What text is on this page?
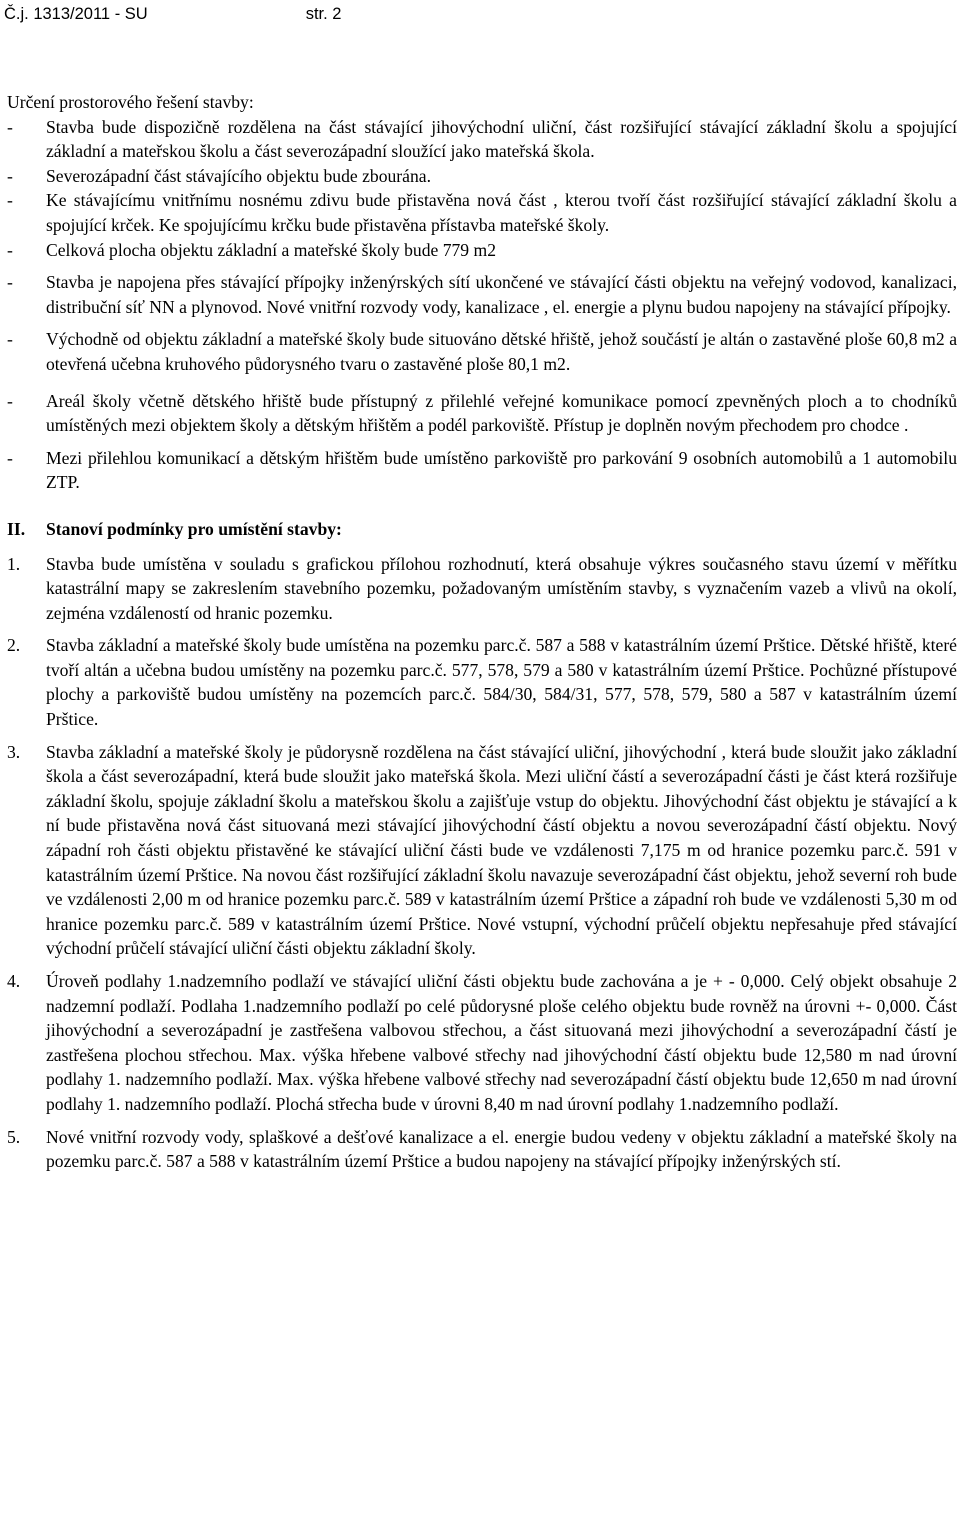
Č.j. 1313/2011 - SU	str. 2

Určení prostorového řešení stavby:

- Stavba bude dispozičně rozdělena na část stávající jihovýchodní uliční, část rozšiřující stávající základní školu a spojující základní a mateřskou školu a část severozápadní sloužící jako mateřská škola.
- Severozápadní část stávajícího objektu bude zbourána.
- Ke stávajícímu vnitřnímu nosnému zdivu bude přistavěna nová část , kterou tvoří část rozšiřující stávající základní školu a spojující krček. Ke spojujícímu krčku bude přistavěna přístavba mateřské školy.
- Celková plocha objektu základní a mateřské školy bude 779 m2
- Stavba je napojena přes stávající přípojky inženýrských sítí ukončené ve stávající části objektu na veřejný vodovod, kanalizaci, distribuční síť NN a plynovod. Nové vnitřní rozvody vody, kanalizace , el. energie a plynu budou napojeny na stávající přípojky.
- Východně od objektu základní a mateřské školy bude situováno dětské hřiště, jehož součástí je altán o zastavěné ploše 60,8 m2 a otevřená učebna kruhového půdorysného tvaru o zastavěné ploše 80,1 m2.
- Areál školy včetně dětského hřiště bude přístupný z přilehlé veřejné komunikace pomocí zpevněných ploch a to chodníků umístěných mezi objektem školy a dětským hřištěm a podél parkoviště. Přístup je doplněn novým přechodem pro chodce .
- Mezi přilehlou komunikací a dětským hřištěm bude umístěno parkoviště pro parkování 9 osobních automobilů a 1 automobilu ZTP.
II. Stanoví podmínky pro umístění stavby:
1. Stavba bude umístěna v souladu s grafickou přílohou rozhodnutí, která obsahuje výkres současného stavu území v měřítku katastrální mapy se zakreslením stavebního pozemku, požadovaným umístěním stavby, s vyznačením vazeb a vlivů na okolí, zejména vzdáleností od hranic pozemku.
2. Stavba základní a mateřské školy bude umístěna na pozemku parc.č. 587 a 588 v katastrálním území Prštice. Dětské hřiště, které tvoří altán a učebna budou umístěny na pozemku parc.č. 577, 578, 579 a 580 v katastrálním území Prštice. Pochůzné přístupové plochy a parkoviště budou umístěny na pozemcích parc.č. 584/30, 584/31, 577, 578, 579, 580 a 587 v katastrálním území Prštice.
3. Stavba základní a mateřské školy je půdorysně rozdělena na část stávající uliční, jihovýchodní , která bude sloužit jako základní škola a část severozápadní, která bude sloužit jako mateřská škola. Mezi uliční částí a severozápadní části je část která rozšiřuje základní školu, spojuje základní školu a mateřskou školu a zajišťuje vstup do objektu. Jihovýchodní část objektu je stávající a k ní bude přistavěna nová část situovaná mezi stávající jihovýchodní částí objektu a novou severozápadní částí objektu. Nový západní roh části objektu přistavěné ke stávající uliční části bude ve vzdálenosti 7,175 m od hranice pozemku parc.č. 591 v katastrálním území Prštice. Na novou část rozšiřující základní školu navazuje severozápadní část objektu, jehož severní roh bude ve vzdálenosti 2,00 m od hranice pozemku parc.č. 589 v katastrálním území Prštice a západní roh bude ve vzdálenosti 5,30 m od hranice pozemku parc.č. 589 v katastrálním území Prštice. Nové vstupní, východní průčelí objektu nepřesahuje před stávající východní průčelí stávající uliční části objektu základní školy.
4. Úroveň podlahy 1.nadzemního podlaží ve stávající uliční části objektu bude zachována a je + - 0,000. Celý objekt obsahuje 2 nadzemní podlaží. Podlaha 1.nadzemního podlaží po celé půdorysné ploše celého objektu bude rovněž na úrovni +- 0,000. Část jihovýchodní a severozápadní je zastřešena valbovou střechou, a část situovaná mezi jihovýchodní a severozápadní částí je zastřešena plochou střechou. Max. výška hřebene valbové střechy nad jihovýchodní částí objektu bude 12,580 m nad úrovní podlahy 1. nadzemního podlaží. Max. výška hřebene valbové střechy nad severozápadní částí objektu bude 12,650 m nad úrovní podlahy 1. nadzemního podlaží. Plochá střecha bude v úrovni 8,40 m nad úrovní podlahy 1.nadzemního podlaží.
5. Nové vnitřní rozvody vody, splaškové a dešťové kanalizace a el. energie budou vedeny v objektu základní a mateřské školy na pozemku parc.č. 587 a 588 v katastrálním území Prštice a budou napojeny na stávající přípojky inženýrských stí.
